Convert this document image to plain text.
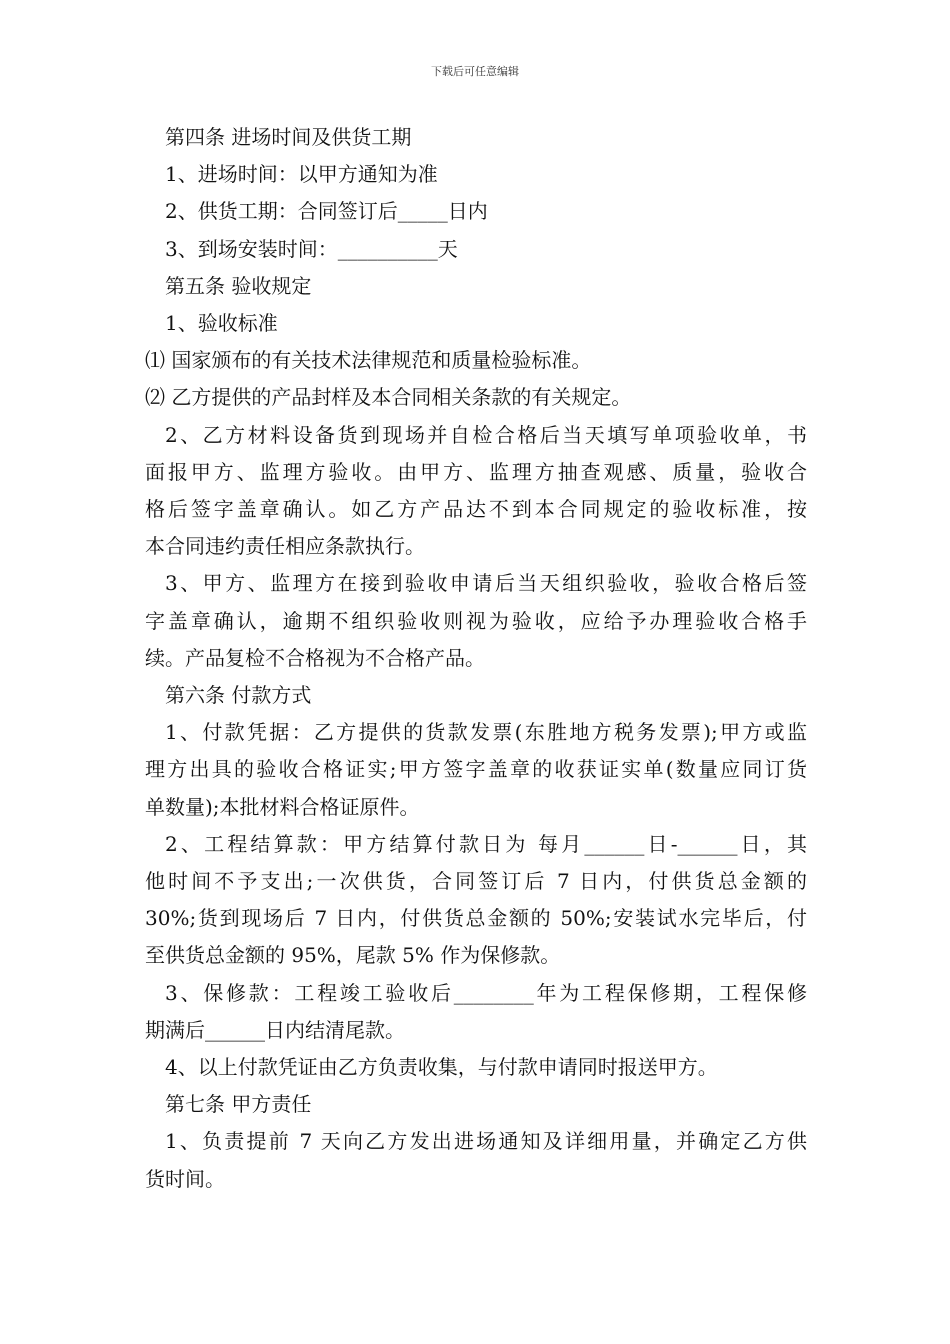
下载后可任意编辑

第四条 进场时间及供货工期

1、进场时间：以甲方通知为准

2、供货工期：合同签订后_____日内

3、到场安装时间：__________天

第五条 验收规定

1、验收标准

⑴ 国家颁布的有关技术法律规范和质量检验标准。

⑵ 乙方提供的产品封样及本合同相关条款的有关规定。

2、乙方材料设备货到现场并自检合格后当天填写单项验收单，书

面报甲方、监理方验收。由甲方、监理方抽查观感、质量，验收合

格后签字盖章确认。如乙方产品达不到本合同规定的验收标准，按

本合同违约责任相应条款执行。

3、甲方、监理方在接到验收申请后当天组织验收，验收合格后签

字盖章确认，逾期不组织验收则视为验收，应给予办理验收合格手

续。产品复检不合格视为不合格产品。

第六条 付款方式

1、付款凭据：乙方提供的货款发票(东胜地方税务发票);甲方或监

理方出具的验收合格证实;甲方签字盖章的收获证实单(数量应同订货

单数量);本批材料合格证原件。

2、工程结算款：甲方结算付款日为 每月______日-______日，其

他时间不予支出;一次供货，合同签订后 7 日内，付供货总金额的

30%;货到现场后 7 日内，付供货总金额的 50%;安装试水完毕后，付

至供货总金额的 95%，尾款 5% 作为保修款。

3、保修款：工程竣工验收后________年为工程保修期，工程保修

期满后______日内结清尾款。

4、以上付款凭证由乙方负责收集，与付款申请同时报送甲方。

第七条 甲方责任

1、负责提前 7 天向乙方发出进场通知及详细用量，并确定乙方供

货时间。
